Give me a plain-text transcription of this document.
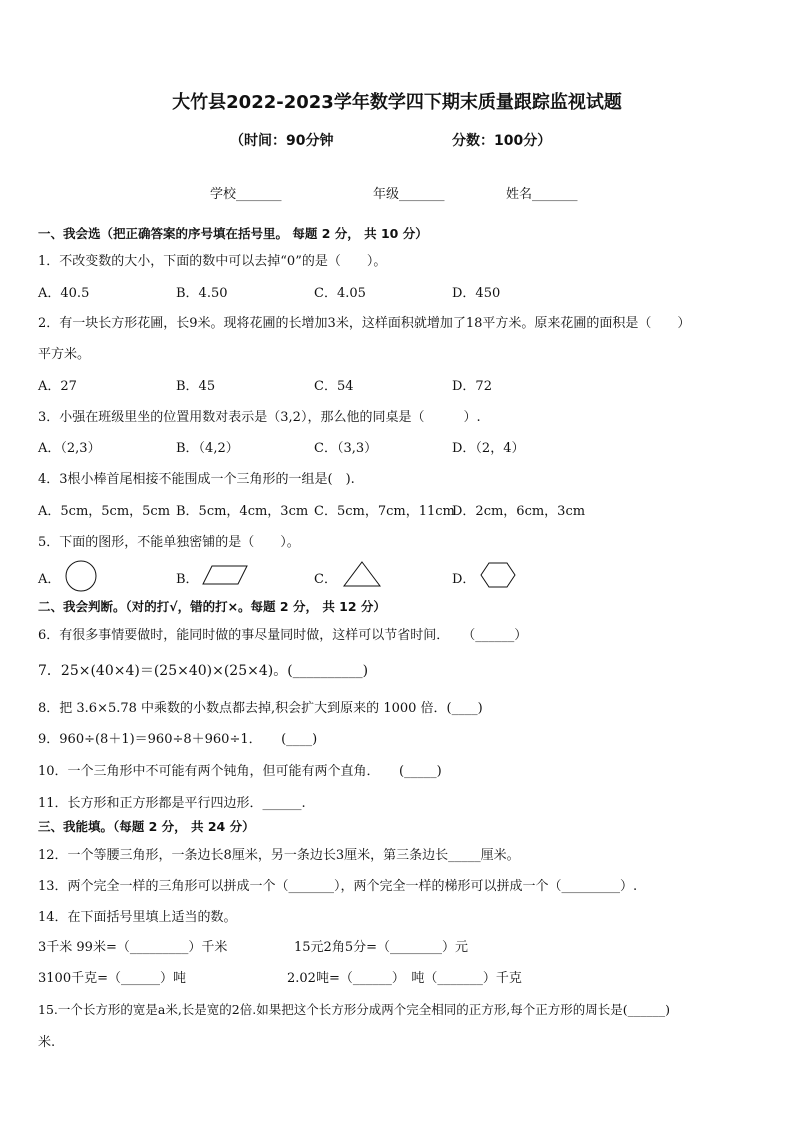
大竹县2022-2023学年数学四下期末质量跟踪监视试题
（时间：90分钟	分数：100分）
学校_______	年级_______	姓名_______
一、我会选（把正确答案的序号填在括号里。 每题 2 分， 共 10 分）
1．不改变数的大小，下面的数中可以去掉“0”的是（　　）。
A．40.5	B．4.50	C．4.05	D．450
2．有一块长方形花圃，长9米。现将花圃的长增加3米，这样面积就增加了18平方米。原来花圃的面积是（　　）
平方米。
A．27	B．45	C．54	D．72
3．小强在班级里坐的位置用数对表示是（3,2），那么他的同桌是（　　　）.
A．（2,3）	B．（4,2）	C．（3,3）	D．（2，4）
4．3根小棒首尾相接不能围成一个三角形的一组是(　).
A．5cm，5cm，5cm B．5cm，4cm，3cm C．5cm，7cm，11cm
D．2cm，6cm，3cm
5．下面的图形，不能单独密铺的是（　　）。
A．	B．	C．	D．
二、我会判断。（对的打√，错的打×。每题 2 分， 共 12 分）
6．有很多事情要做时，能同时做的事尽量同时做，这样可以节省时间．　　（______）
7．25×(40×4)＝(25×40)×(25×4)。(__________)
8．把 3.6×5.78 中乘数的小数点都去掉,积会扩大到原来的 1000 倍．(____)
9．960÷(8＋1)＝960÷8＋960÷1．　　(____)
10．一个三角形中不可能有两个钝角，但可能有两个直角．　　(_____)
11．长方形和正方形都是平行四边形．______.
三、我能填。（每题 2 分， 共 24 分）
12．一个等腰三角形，一条边长8厘米，另一条边长3厘米，第三条边长_____厘米。
13．两个完全一样的三角形可以拼成一个（_______），两个完全一样的梯形可以拼成一个（_________）.
14．在下面括号里填上适当的数。
3千米 99米=（_________）千米	15元2角5分=（________）元
3100千克=（______）吨	2.02吨=（______）　吨（_______）千克
15.一个长方形的宽是a米,长是宽的2倍.如果把这个长方形分成两个完全相同的正方形,每个正方形的周长是(______)
米.
